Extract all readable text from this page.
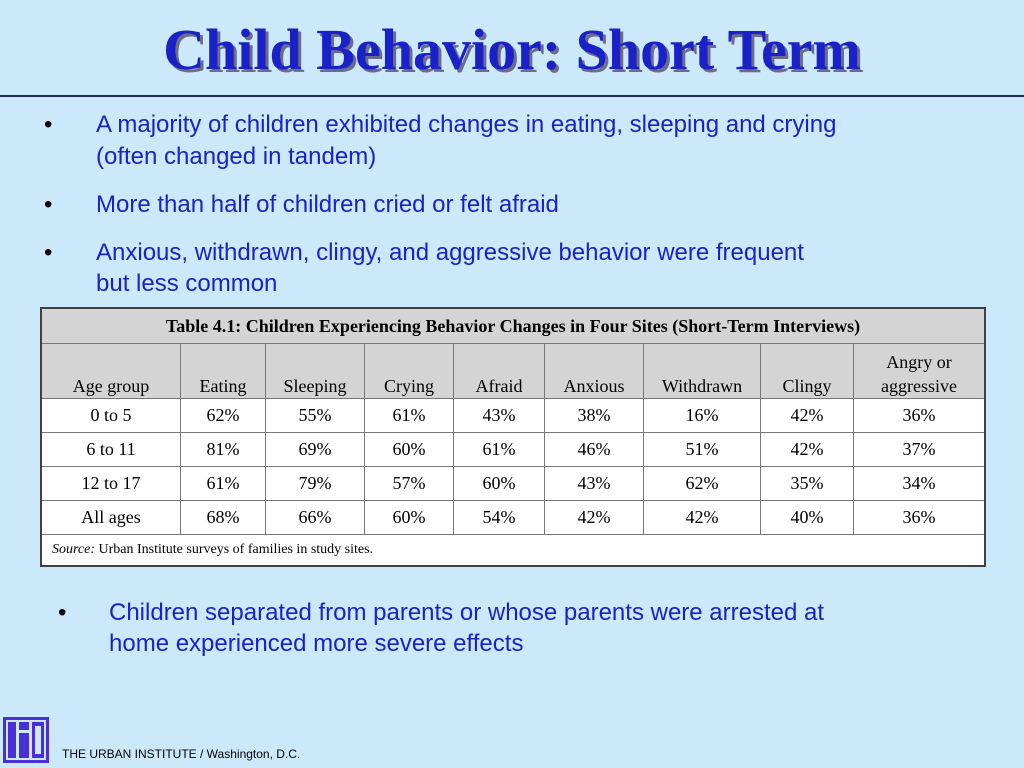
Child Behavior: Short Term
• A majority of children exhibited changes in eating, sleeping and crying
(often changed in tandem)
• More than half of children cried or felt afraid
• Anxious, withdrawn, clingy, and aggressive behavior were frequent
but less common
Table 4.1: Children Experiencing Behavior Changes in Four Sites (Short-Term Interviews)								
Age group	Eating	Sleeping	Crying	Afraid	Anxious	Withdrawn	Clingy	Angry or
aggressive
0 to 5	62%	55%	61%	43%	38%	16%	42%	36%
6 to 11	81%	69%	60%	61%	46%	51%	42%	37%
12 to 17	61%	79%	57%	60%	43%	62%	35%	34%
All ages	68%	66%	60%	54%	42%	42%	40%	36%
Source: Urban Institute surveys of families in study sites.								
• Children separated from parents or whose parents were arrested at
home experienced more severe effects
THE URBAN INSTITUTE / Washington, D.C.
